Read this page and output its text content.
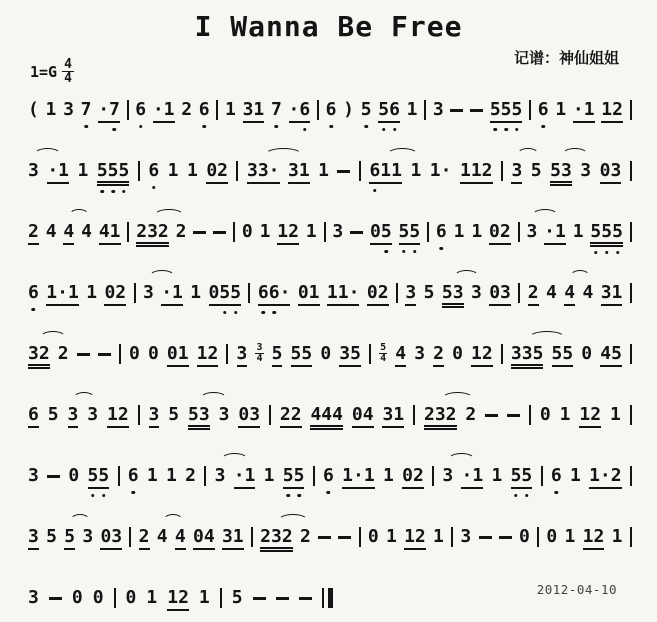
I Wanna Be Free
记谱：神仙姐姐
$1=G \frac{4}{4}$
( 1 3 7 ·7 6 ·1 2 6 1 31 7 ·6 6 ) 5 56 1 3	555 6 1 ·1 12
3 ·1 1 555 6 1 1 02 33· 31 1 611 1 1· 112 3 5 53 3 03
2 4 4 4 41 232 2	0 1 12 1 3 05 55 6 1 1 02 3 ·1 1 555
6 1·1 1 02 3 ·1 1 055 66· 01 11· 02 3 5 53 3 03 2 4 4 4 31
32 2	0 0 01 12 $3 \frac{3}{4} 5$ 55 0 $35 \frac{5}{4} 4$ 3 2 0 12 335 55 0 45
6 5 3 3 12 3 5 53 3 03 22 444 04 31 232 2	0 1 12 1
3 0 55 6 1 1 2 3 ·1 1 55 6 1·1 1 02 3 ·1 1 55 6 1 1·2
3 5 5 3 03 2 4 4 04 31 232 2	0 1 12 1 3	0 0 1 12 1
3 0 0 0 1 12 1 5	2012-04-10
